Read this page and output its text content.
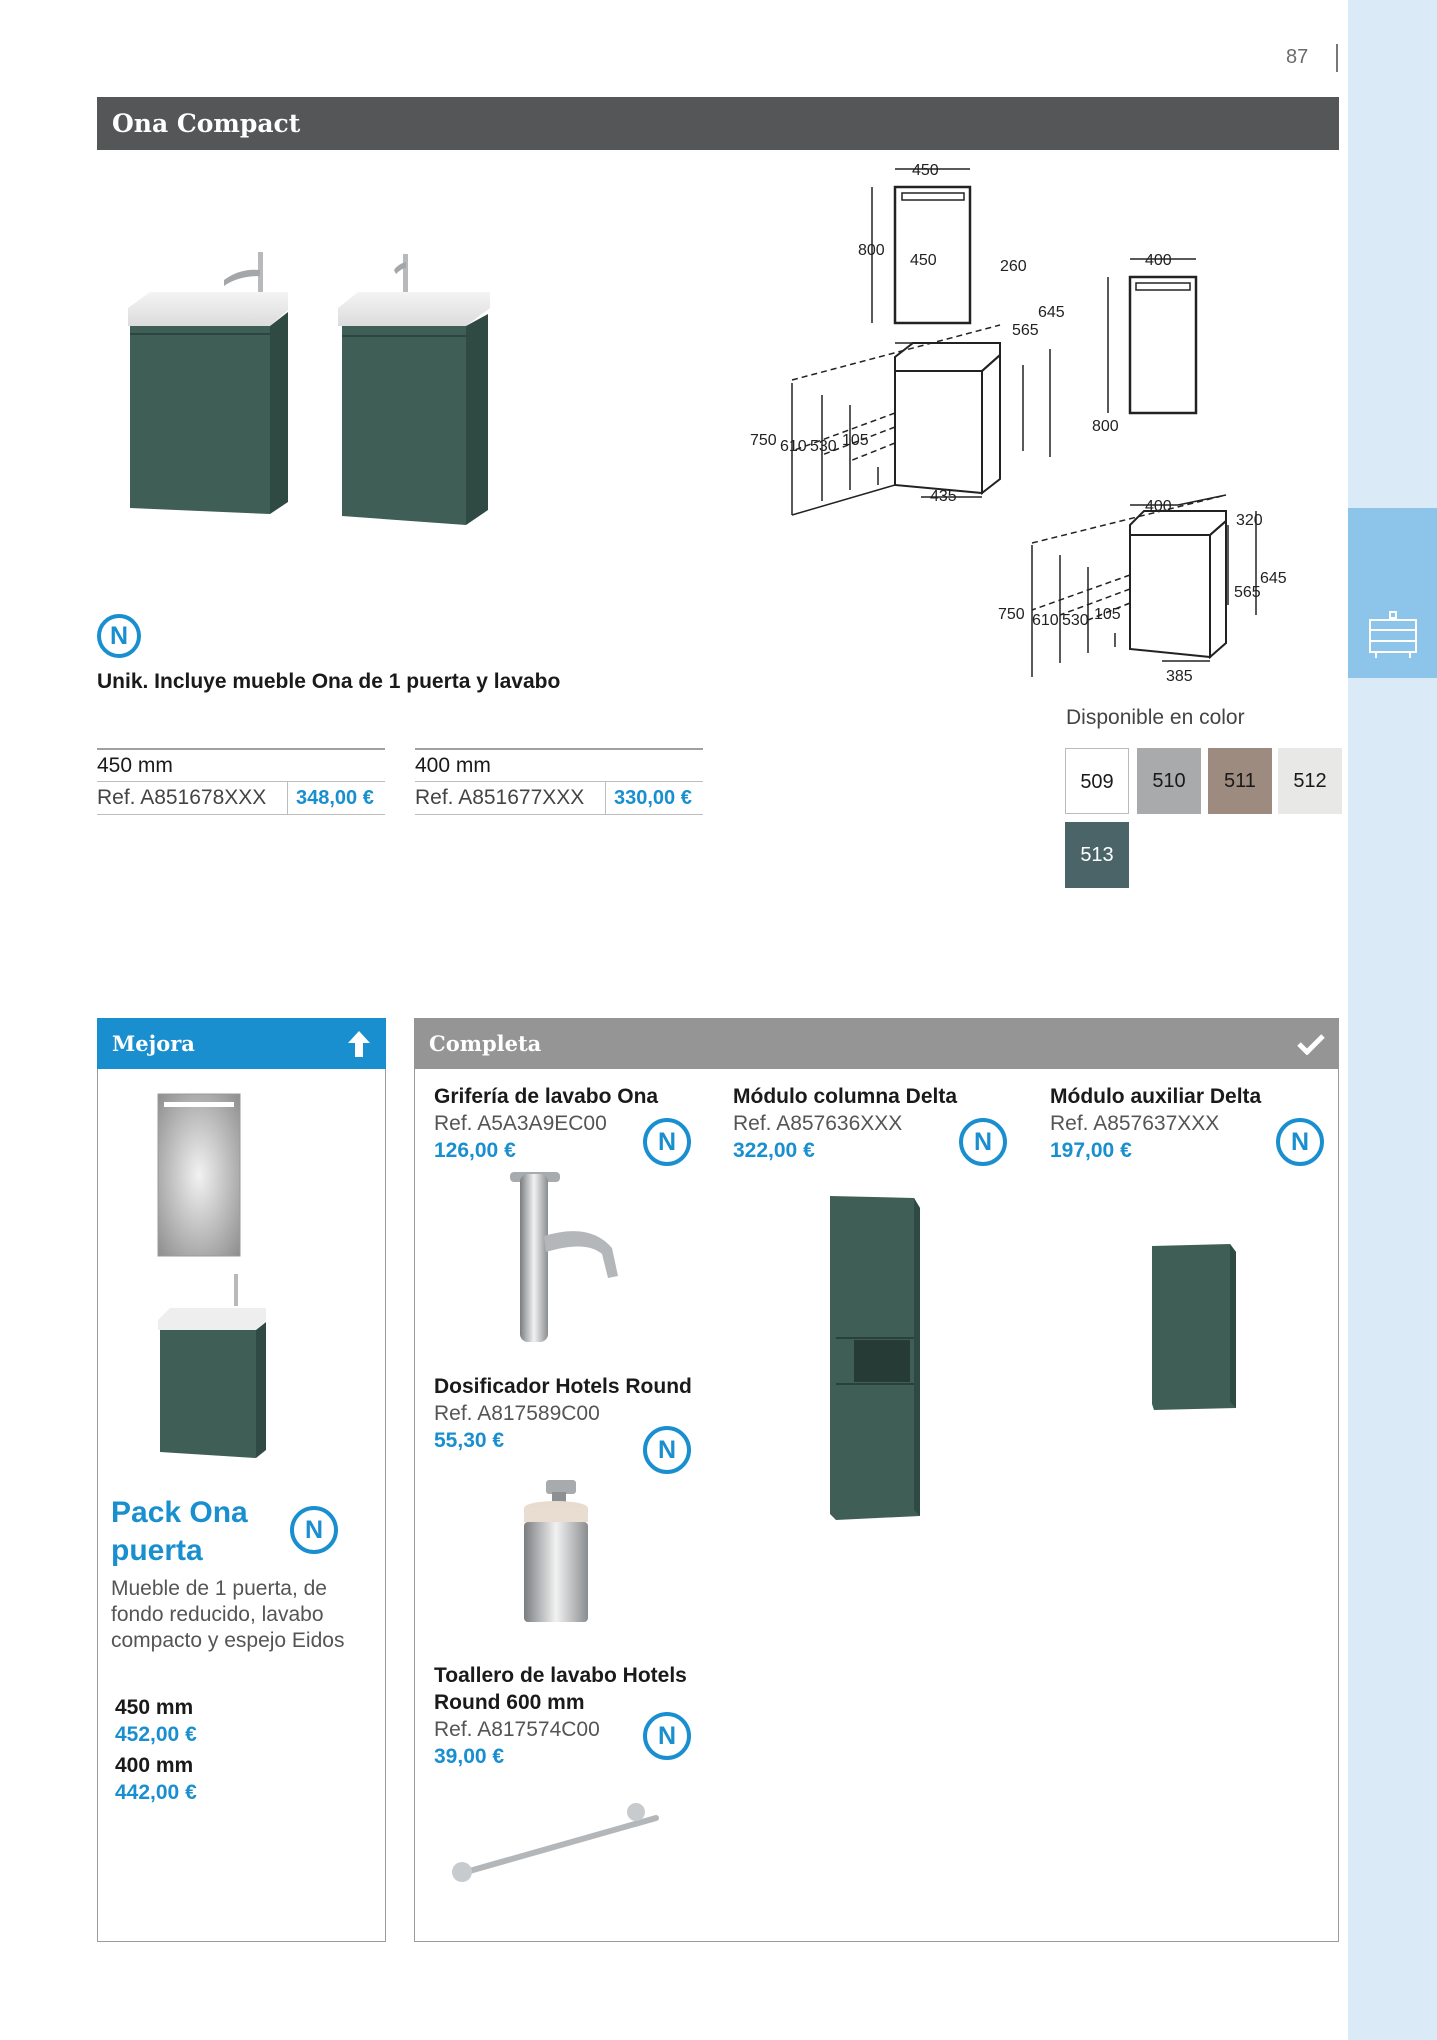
87
Ona Compact
450
800
450	260
645
565
750 610 530 105
435
400
800
400
320
645
565
750 610 530 105
385
N
Unik. Incluye mueble Ona de 1 puerta y lavabo
450 mm
Ref. A851678XXX	348,00 €
400 mm
Ref. A851677XXX	330,00 €
Disponible en color
509	510	511	512
513
Mejora
Pack Ona puerta
N
Mueble de 1 puerta, de fondo reducido, lavabo compacto y espejo Eidos
450 mm
452,00 €
400 mm
442,00 €
Completa
Grifería de lavabo Ona
Ref. A5A3A9EC00
126,00 €	N
Módulo columna Delta
Ref. A857636XXX
322,00 €	N
Módulo auxiliar Delta
Ref. A857637XXX
197,00 €	N
Dosificador Hotels Round
Ref. A817589C00
55,30 €	N
Toallero de lavabo Hotels
Round 600 mm
Ref. A817574C00
39,00 €
N
